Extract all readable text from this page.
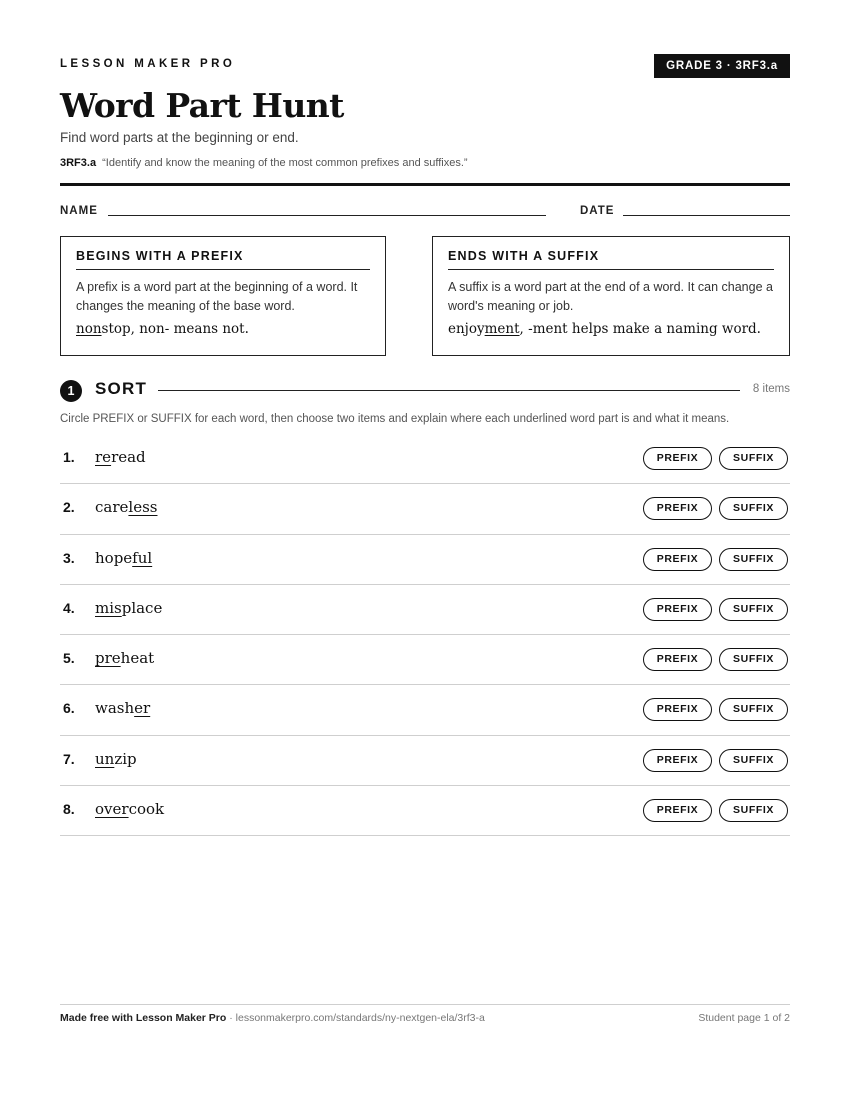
LESSON MAKER PRO	GRADE 3 · 3RF3.a
Word Part Hunt
Find word parts at the beginning or end.
3RF3.a “Identify and know the meaning of the most common prefixes and suffixes.”
NAME	DATE
BEGINS WITH A PREFIX
A prefix is a word part at the beginning of a word. It changes the meaning of the base word.
nonstop, non- means not.
ENDS WITH A SUFFIX
A suffix is a word part at the end of a word. It can change a word's meaning or job.
enjoyment, -ment helps make a naming word.
1	SORT	8 items
Circle PREFIX or SUFFIX for each word, then choose two items and explain where each underlined word part is and what it means.
1. reread	PREFIX	SUFFIX
2. careless	PREFIX	SUFFIX
3. hopeful	PREFIX	SUFFIX
4. misplace	PREFIX	SUFFIX
5. preheat	PREFIX	SUFFIX
6. washer	PREFIX	SUFFIX
7. unzip	PREFIX	SUFFIX
8. overcook	PREFIX	SUFFIX
Made free with Lesson Maker Pro · lessonmakerpro.com/standards/ny-nextgen-ela/3rf3-a	Student page 1 of 2
